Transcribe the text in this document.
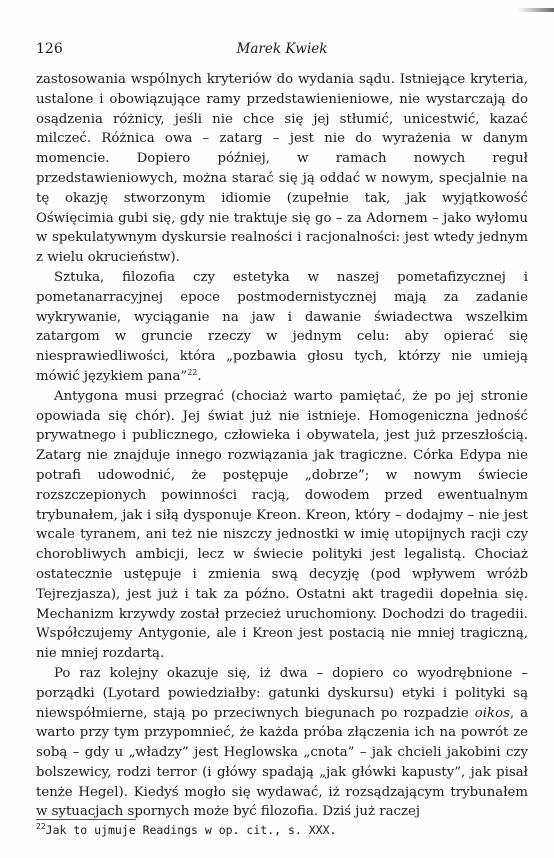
126	Marek Kwiek

zastosowania wspólnych kryteriów do wydania sądu. Istniejące kryteria, ustalone i obowiązujące ramy przedstawienieniowe, nie wystarczają do osądzenia różnicy, jeśli nie chce się jej stłumić, unicestwić, kazać milczeć. Różnica owa – zatarg – jest nie do wyrażenia w danym momencie. Dopiero później, w ramach nowych reguł przedstawieniowych, można starać się ją oddać w nowym, specjalnie na tę okazję stworzonym idiomie (zupełnie tak, jak wyjątkowość Oświęcimia gubi się, gdy nie traktuje się go – za Adornem – jako wyłomu w spekulatywnym dyskursie realności i racjonalności: jest wtedy jednym z wielu okrucieństw).

Sztuka, filozofia czy estetyka w naszej pometafizycznej i pometanarracyjnej epoce postmodernistycznej mają za zadanie wykrywanie, wyciąganie na jaw i dawanie świadectwa wszelkim zatargom w gruncie rzeczy w jednym celu: aby opierać się niesprawiedliwości, która „pozbawia głosu tych, którzy nie umieją mówić językiem pana”$^{22}$.

Antygona musi przegrać (chociaż warto pamiętać, że po jej stronie opowiada się chór). Jej świat już nie istnieje. Homogeniczna jedność prywatnego i publicznego, człowieka i obywatela, jest już przeszłością. Zatarg nie znajduje innego rozwiązania jak tragiczne. Córka Edypa nie potrafi udowodnić, że postępuje „dobrze”; w nowym świecie rozszczepionych powinności racją, dowodem przed ewentualnym trybunałem, jak i siłą dysponuje Kreon. Kreon, który – dodajmy – nie jest wcale tyranem, ani też nie niszczy jednostki w imię utopijnych racji czy chorobliwych ambicji, lecz w świecie polityki jest legalistą. Chociaż ostatecznie ustępuje i zmienia swą decyzję (pod wpływem wróżb Tejrezjasza), jest już i tak za późno. Ostatni akt tragedii dopełnia się. Mechanizm krzywdy został przecież uruchomiony. Dochodzi do tragedii. Współczujemy Antygonie, ale i Kreon jest postacią nie mniej tragiczną, nie mniej rozdartą.

Po raz kolejny okazuje się, iż dwa – dopiero co wyodrębnione – porządki (Lyotard powiedziałby: gatunki dyskursu) etyki i polityki są niewspółmierne, stają po przeciwnych biegunach po rozpadzie oikos, a warto przy tym przypomnieć, że każda próba złączenia ich na powrót ze sobą – gdy u „władzy” jest Heglowska „cnota” – jak chcieli jakobini czy bolszewicy, rodzi terror (i główy spadają „jak główki kapusty”, jak pisał tenże Hegel). Kiedyś mogło się wydawać, iż rozsądzającym trybunałem w sytuacjach spornych może być filozofia. Dziś już raczej

$^{22}$Jak to ujmuje Readings w op. cit., s. XXX.
